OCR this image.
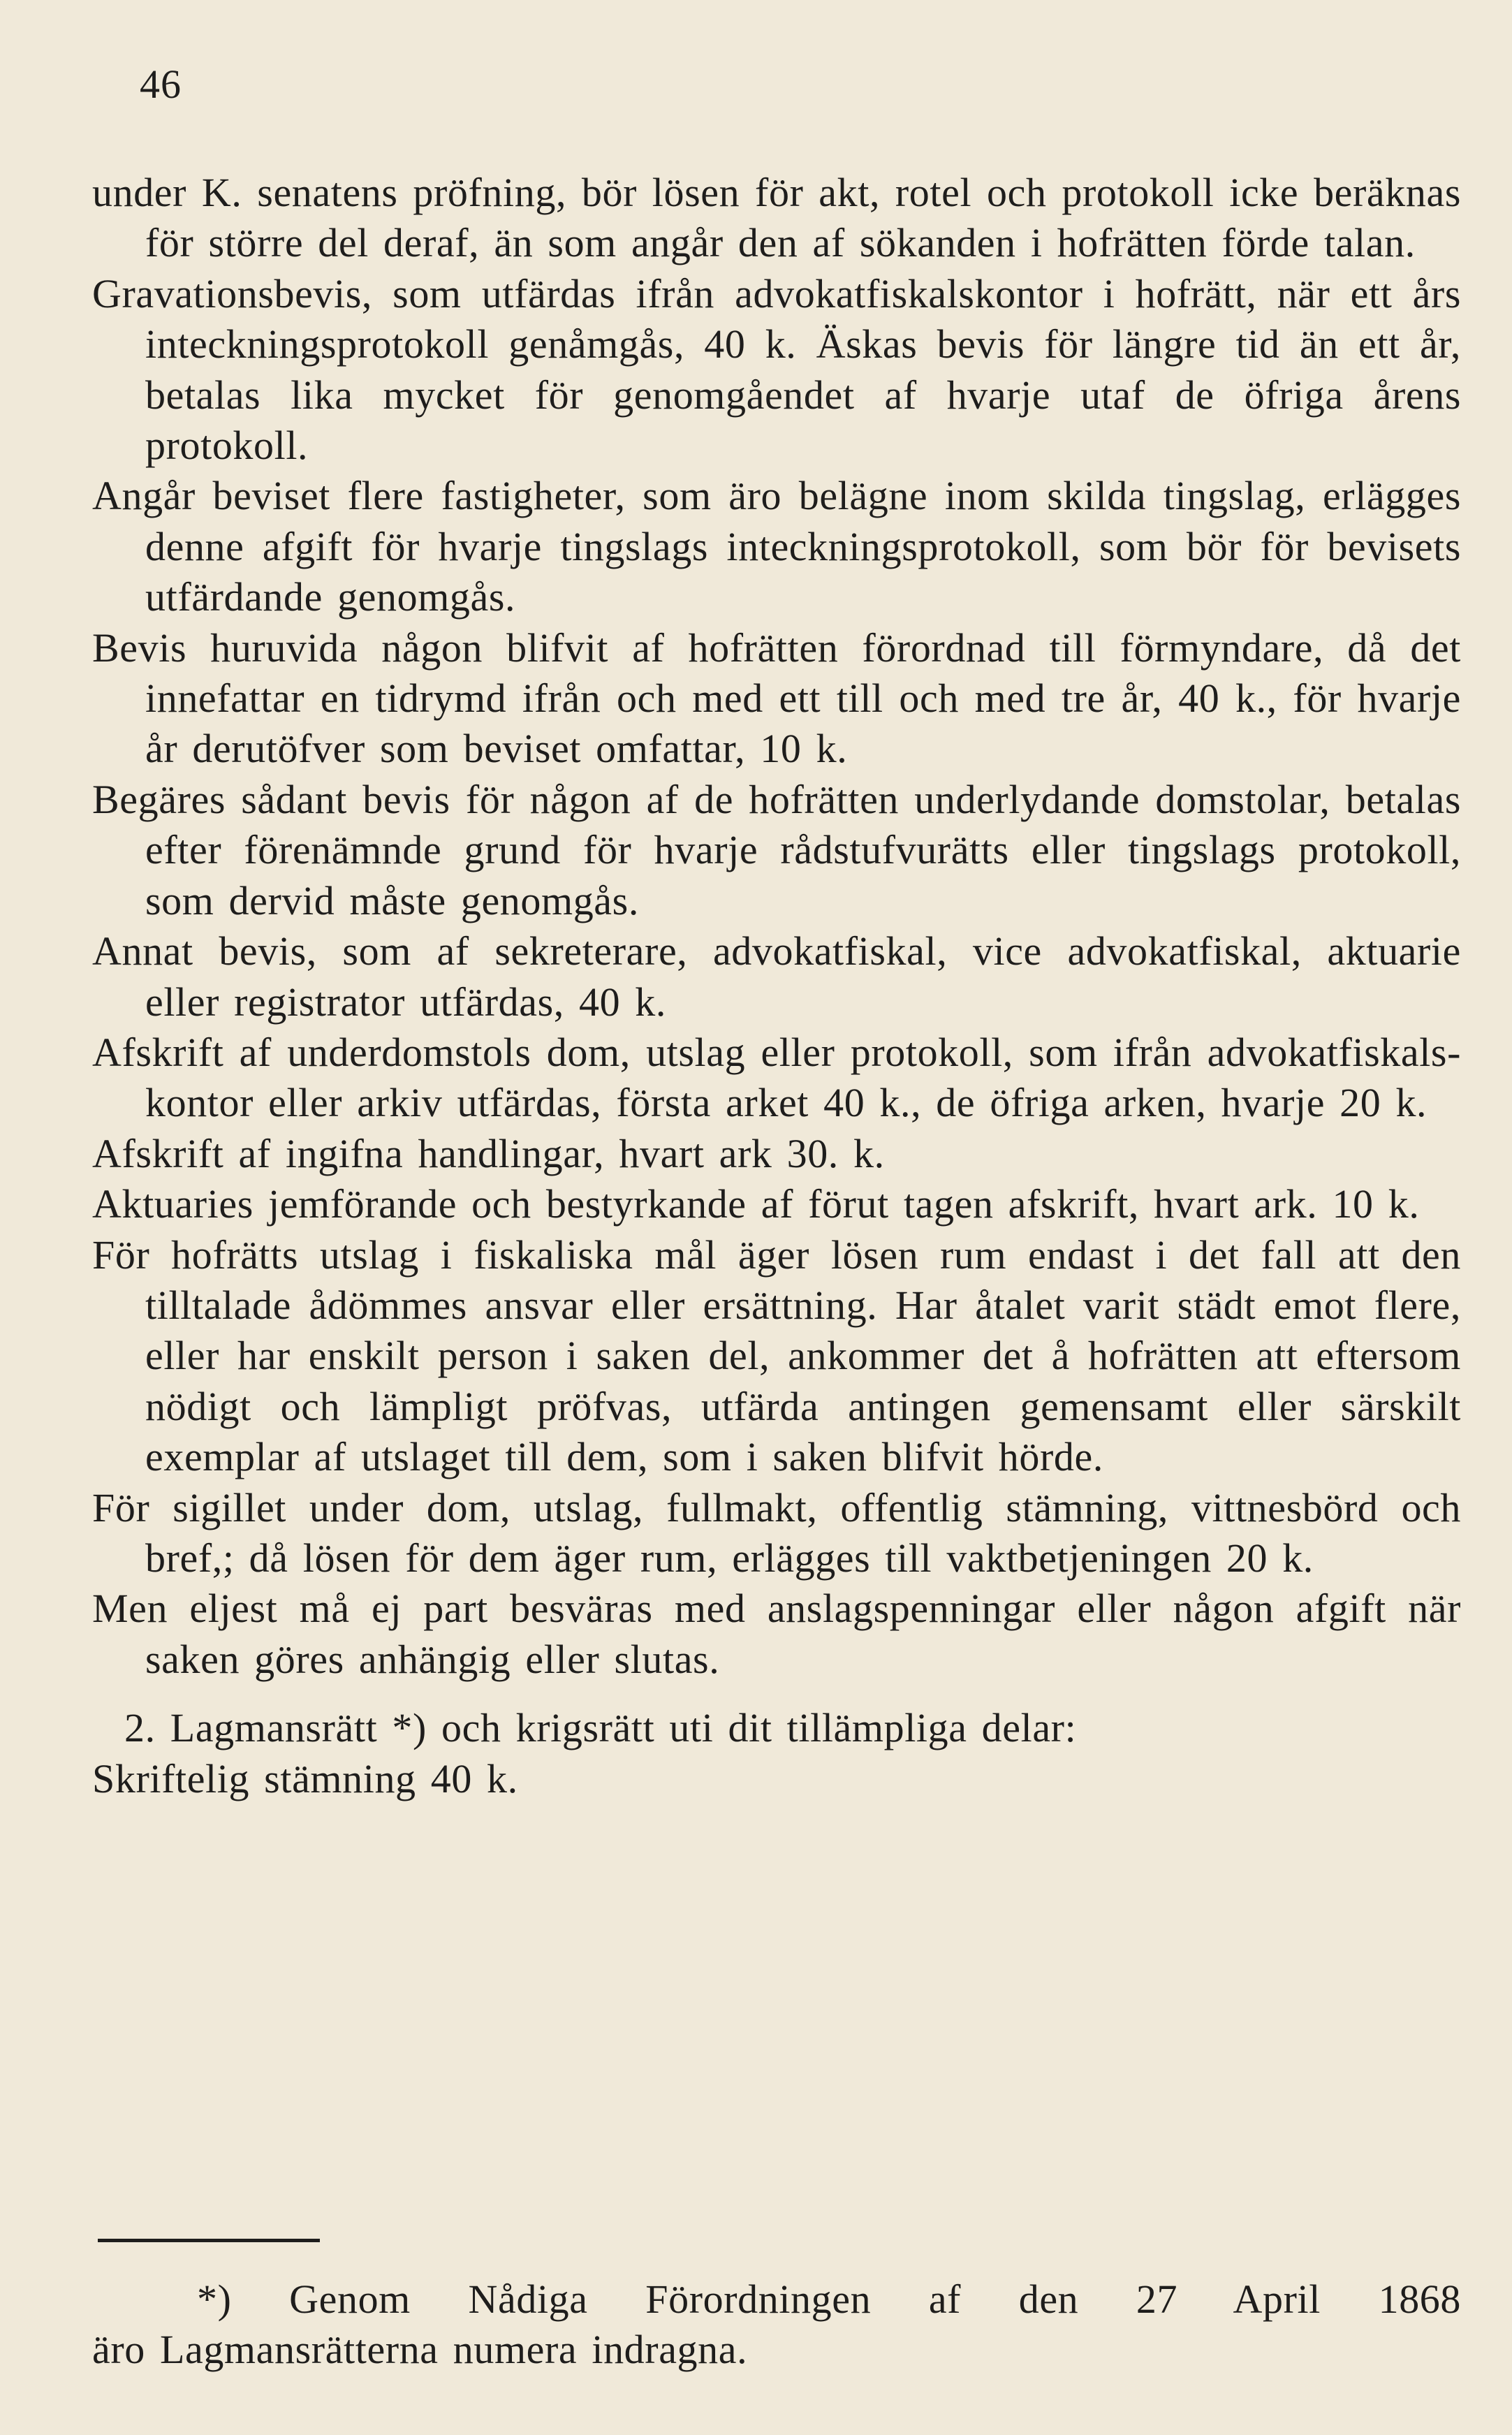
46

under K. senatens pröfning, bör lösen för akt, rotel och protokoll icke beräknas för större del deraf, än som angår den af sökanden i hofrätten förde talan.

Gravationsbevis, som utfärdas ifrån advokatfiskalskontor i hofrätt, när ett års inteckningsprotokoll genåmgås, 40 k. Äskas bevis för längre tid än ett år, betalas lika mycket för genomgåendet af hvarje utaf de öfriga årens protokoll.

Angår beviset flere fastigheter, som äro belägne inom skilda tingslag, erlägges denne afgift för hvarje tingslags inteckningsprotokoll, som bör för bevisets utfärdande genomgås.

Bevis huruvida någon blifvit af hofrätten förordnad till förmyndare, då det innefattar en tidrymd ifrån och med ett till och med tre år, 40 k., för hvarje år derutöfver som beviset omfattar, 10 k.

Begäres sådant bevis för någon af de hofrätten underlydande domstolar, betalas efter förenämnde grund för hvarje rådstufvurätts eller tingslags protokoll, som dervid måste genomgås.

Annat bevis, som af sekreterare, advokatfiskal, vice advokatfiskal, aktuarie eller registrator utfärdas, 40 k.

Afskrift af underdomstols dom, utslag eller protokoll, som ifrån advokatfiskals-kontor eller arkiv utfärdas, första arket 40 k., de öfriga arken, hvarje 20 k.

Afskrift af ingifna handlingar, hvart ark 30. k.

Aktuaries jemförande och bestyrkande af förut tagen afskrift, hvart ark. 10 k.

För hofrätts utslag i fiskaliska mål äger lösen rum endast i det fall att den tilltalade ådömmes ansvar eller ersättning. Har åtalet varit städt emot flere, eller har enskilt person i saken del, ankommer det å hofrätten att eftersom nödigt och lämpligt pröfvas, utfärda antingen gemensamt eller särskilt exemplar af utslaget till dem, som i saken blifvit hörde.

För sigillet under dom, utslag, fullmakt, offentlig stämning, vittnesbörd och bref,; då lösen för dem äger rum, erlägges till vaktbetjeningen 20 k.

Men eljest må ej part besväras med anslagspenningar eller någon afgift när saken göres anhängig eller slutas.

2. Lagmansrätt *) och krigsrätt uti dit tillämpliga delar:

Skriftelig stämning 40 k.

*) Genom Nådiga Förordningen af den 27 April 1868
äro Lagmansrätterna numera indragna.
